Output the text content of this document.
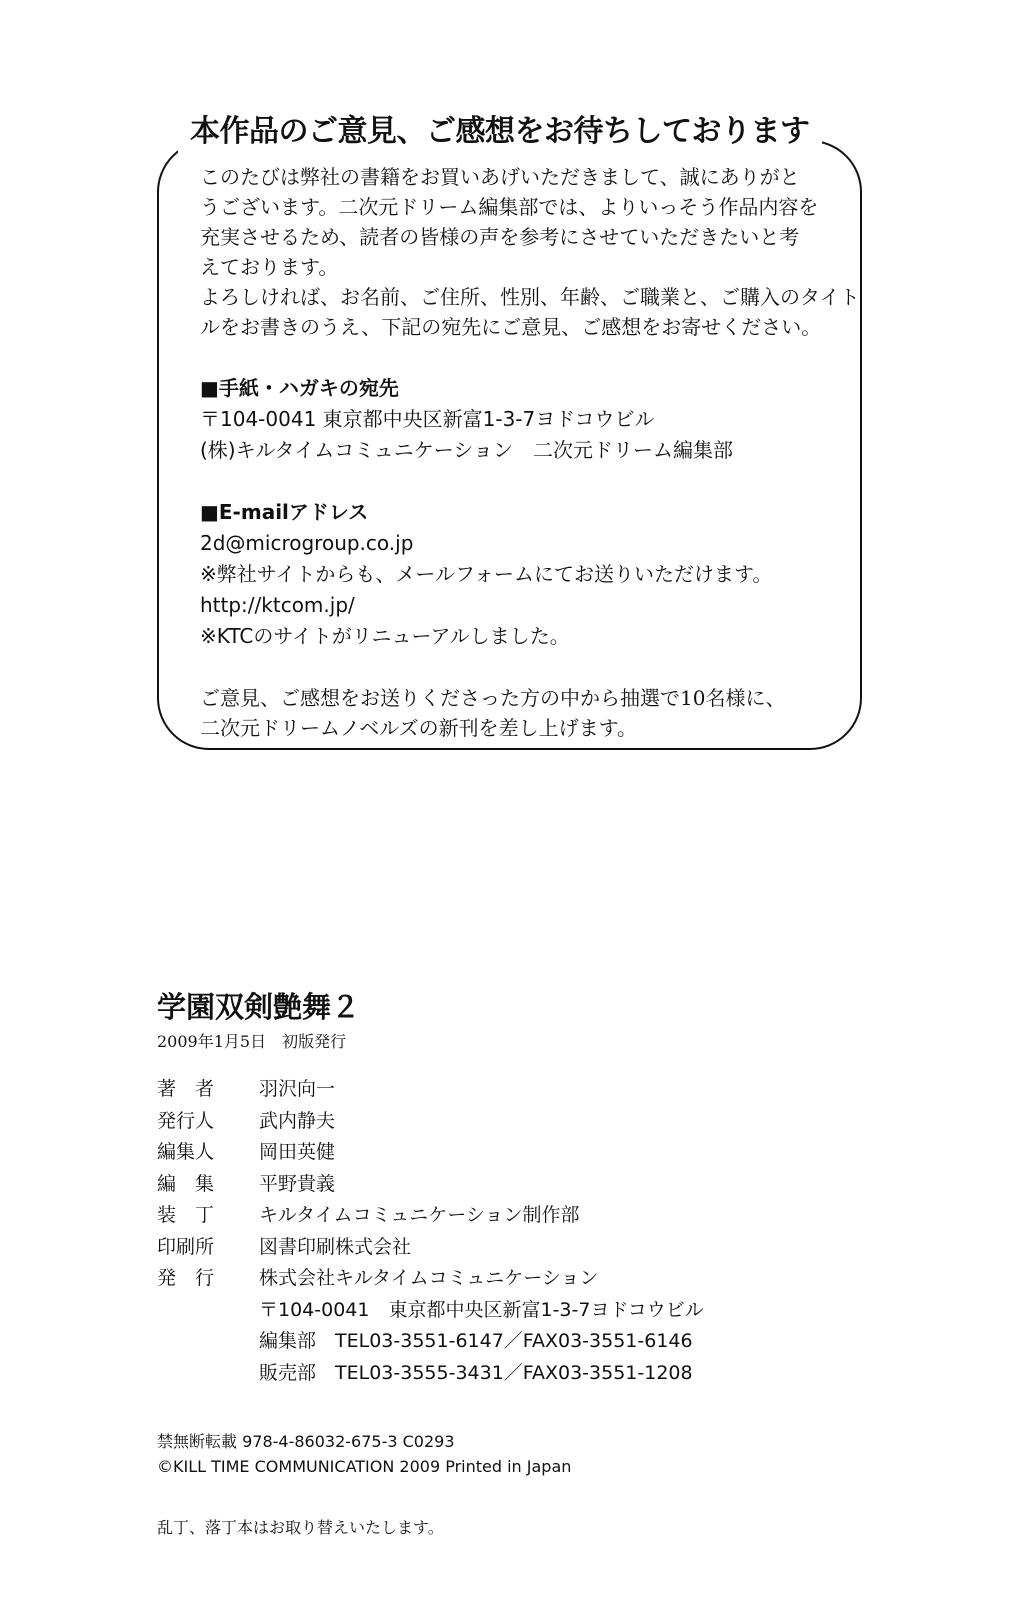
本作品のご意見、ご感想をお待ちしております
このたびは弊社の書籍をお買いあげいただきまして、誠にありがと
うございます。二次元ドリーム編集部では、よりいっそう作品内容を
充実させるため、読者の皆様の声を参考にさせていただきたいと考
えております。
よろしければ、お名前、ご住所、性別、年齢、ご職業と、ご購入のタイト
ルをお書きのうえ、下記の宛先にご意見、ご感想をお寄せください。
■手紙・ハガキの宛先
〒104-0041 東京都中央区新富1-3-7ヨドコウビル
(株)キルタイムコミュニケーション　二次元ドリーム編集部
■E-mailアドレス
2d@microgroup.co.jp
※弊社サイトからも、メールフォームにてお送りいただけます。
http://ktcom.jp/
※KTCのサイトがリニューアルしました。
ご意見、ご感想をお送りくださった方の中から抽選で10名様に、
二次元ドリームノベルズの新刊を差し上げます。
学園双剣艶舞２
2009年1月5日　初版発行
著　者	羽沢向一
発行人	武内静夫
編集人	岡田英健
編　集	平野貴義
装　丁	キルタイムコミュニケーション制作部
印刷所	図書印刷株式会社
発　行	株式会社キルタイムコミュニケーション
〒104-0041　東京都中央区新富1-3-7ヨドコウビル
編集部　TEL03-3551-6147／FAX03-3551-6146
販売部　TEL03-3555-3431／FAX03-3551-1208
禁無断転載 978-4-86032-675-3 C0293
©KILL TIME COMMUNICATION 2009 Printed in Japan
乱丁、落丁本はお取り替えいたします。
